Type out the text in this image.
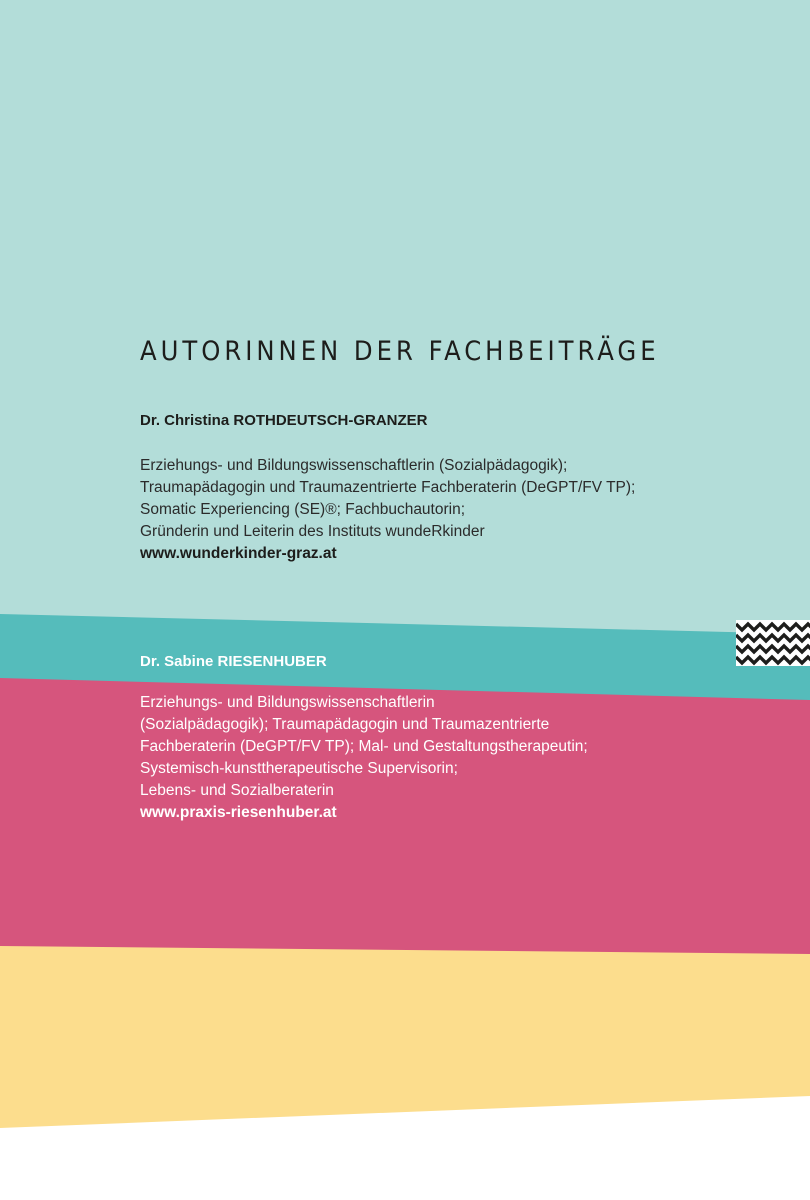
AUTORINNEN DER FACHBEITRÄGE
Dr. Christina ROTHDEUTSCH-GRANZER
Erziehungs- und Bildungswissenschaftlerin (Sozialpädagogik);
Traumapädagogin und Traumazentrierte Fachberaterin (DeGPT/FV TP);
Somatic Experiencing (SE)®; Fachbuchautorin;
Gründerin und Leiterin des Instituts wundeRkinder
www.wunderkinder-graz.at
Dr. Sabine RIESENHUBER
Erziehungs- und Bildungswissenschaftlerin
(Sozialpädagogik); Traumapädagogin und Traumazentrierte
Fachberaterin (DeGPT/FV TP); Mal- und Gestaltungstherapeutin;
Systemisch-kunsttherapeutische Supervisorin;
Lebens- und Sozialberaterin
www.praxis-riesenhuber.at
